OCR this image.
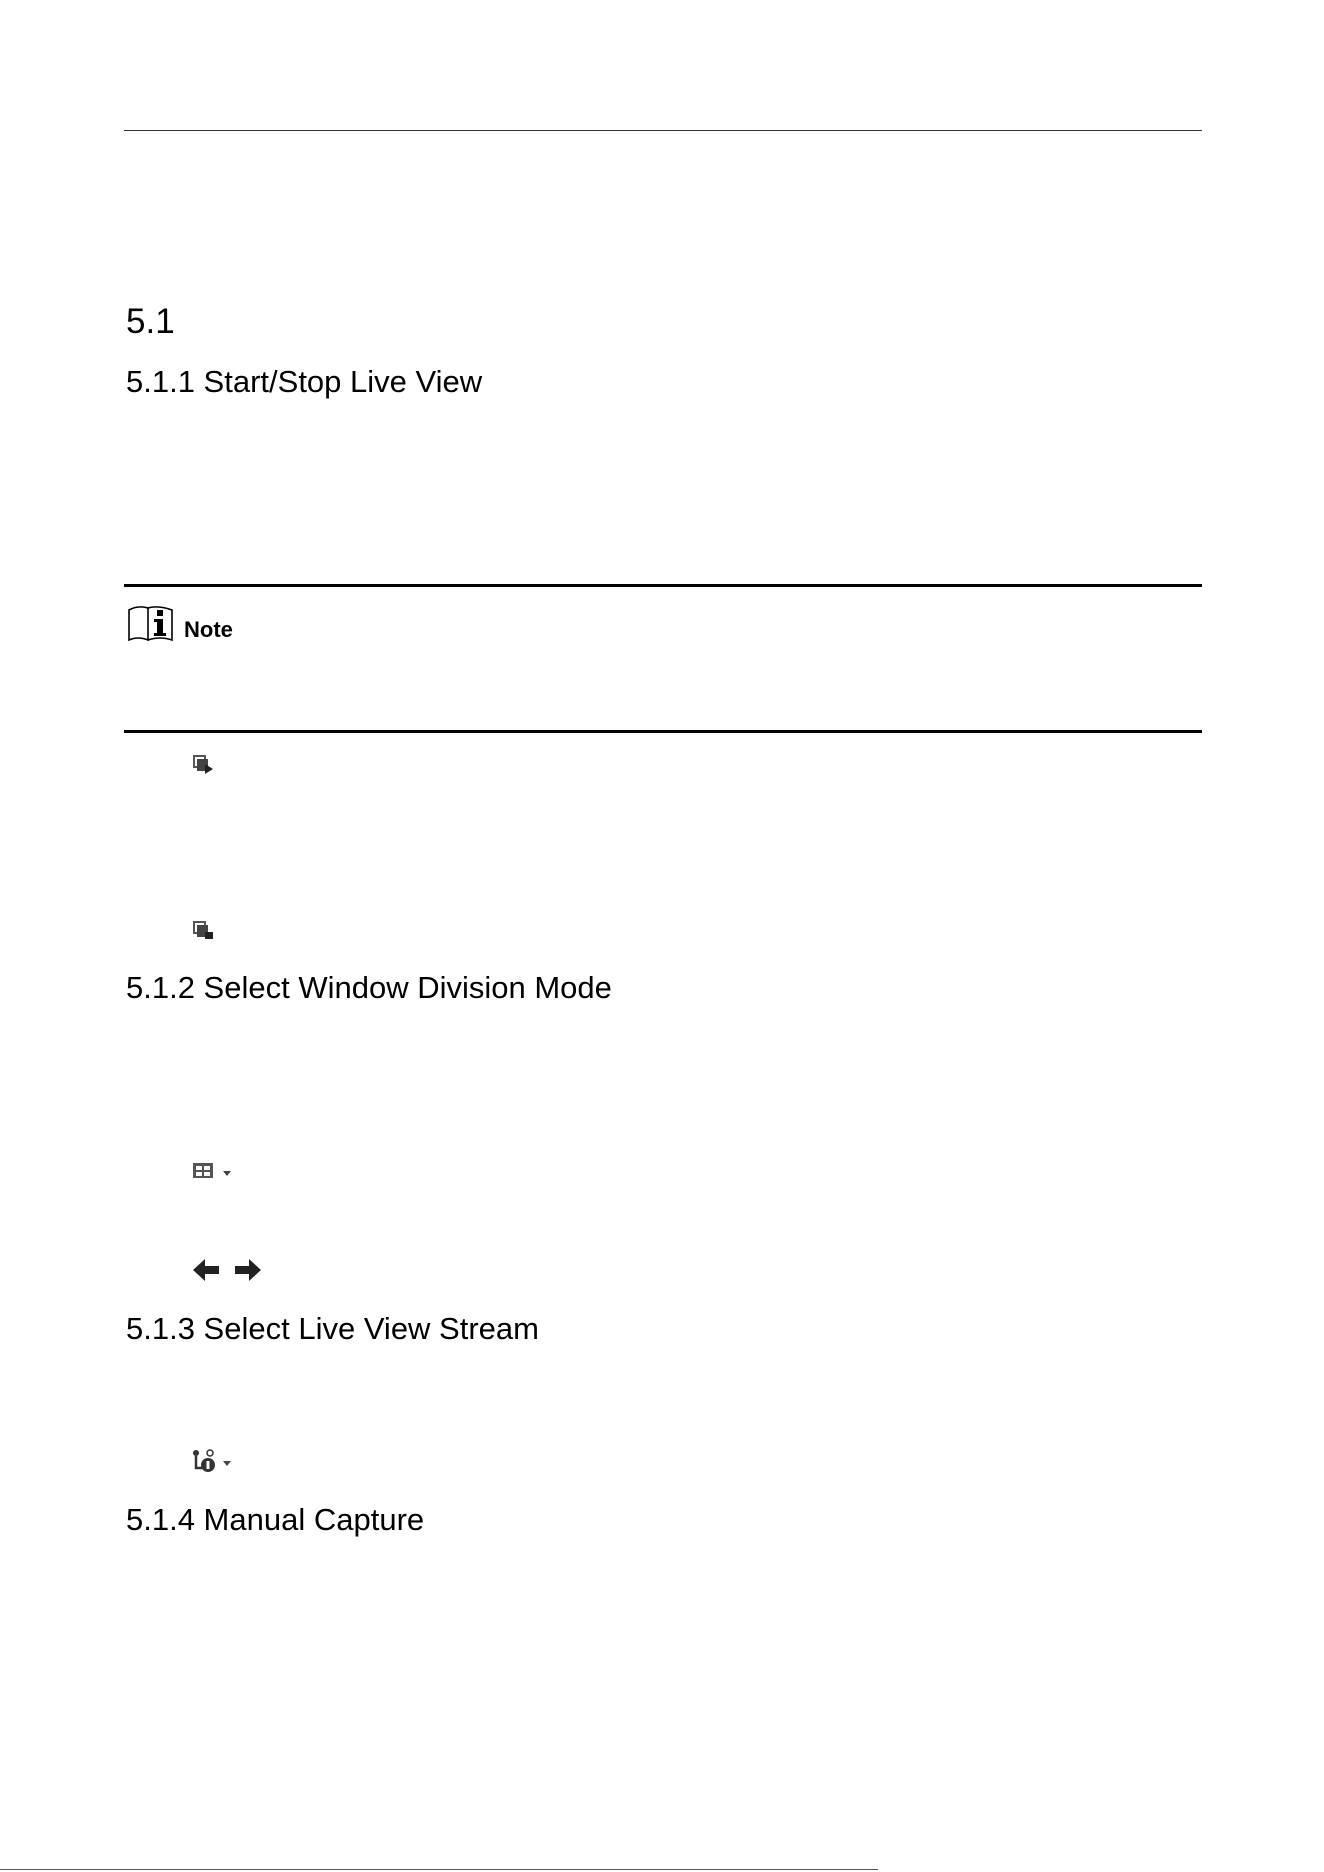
5.1
5.1.1 Start/Stop Live View
Note
5.1.2 Select Window Division Mode
5.1.3 Select Live View Stream
5.1.4 Manual Capture
